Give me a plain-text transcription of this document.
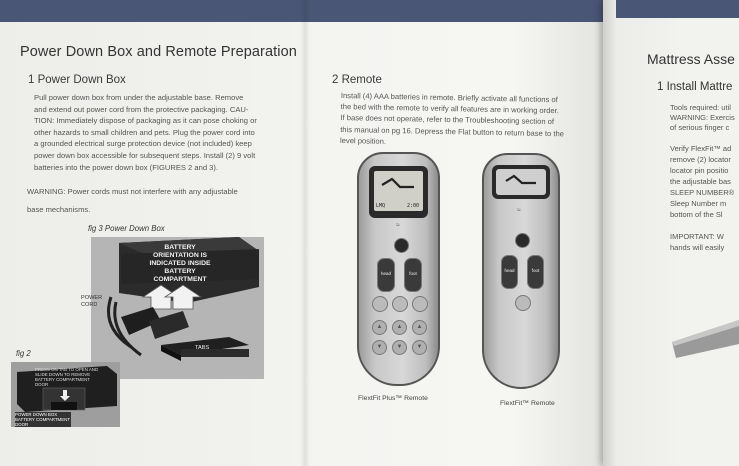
Power Down Box and Remote Preparation
1 Power Down Box
Pull power down box from under the adjustable base. Remove
and extend out power cord from the protective packaging. CAU-
TION: Immediately dispose of packaging as it can pose choking or
other hazards to small children and pets. Plug the power cord into
a grounded electrical surge protection device (not included) keep
power down box accessible for subsequent steps. Install (2) 9 volt
batteries into the power down box (FIGURES 2 and 3).
WARNING: Power cords must not interfere with any adjustable
base mechanisms.
fig 3 Power Down Box
BATTERY ORIENTATION IS INDICATED INSIDE BATTERY COMPARTMENT
POWER CORD
TABS
fig 2
PRESS ON TAB TO OPEN AND SLIDE DOWN TO REMOVE BATTERY COMPARTMENT DOOR
POWER DOWN BOX BATTERY COMPARTMENT DOOR
2 Remote
Install (4) AAA batteries in remote. Briefly activate all functions of
the bed with the remote to verify all features are in working order.
If base does not operate, refer to the Troubleshooting section of
this manual on pg 16. Depress the Flat button to return base to the
level position.
LMQ	2:00
≈
head	foot
▲	▲	▲
▼	▼	▼
FlextFit Plus™ Remote
≈
head	foot
FlextFit™ Remote
Mattress Asse
1 Install Mattre
Tools required: util
WARNING: Exercis
of serious finger c
Verify FlexFit™ ad
remove (2) locator
locator pin positio
the adjustable bas
SLEEP NUMBER®
Sleep Number m
bottom of the Sl
IMPORTANT: W
hands will easily
